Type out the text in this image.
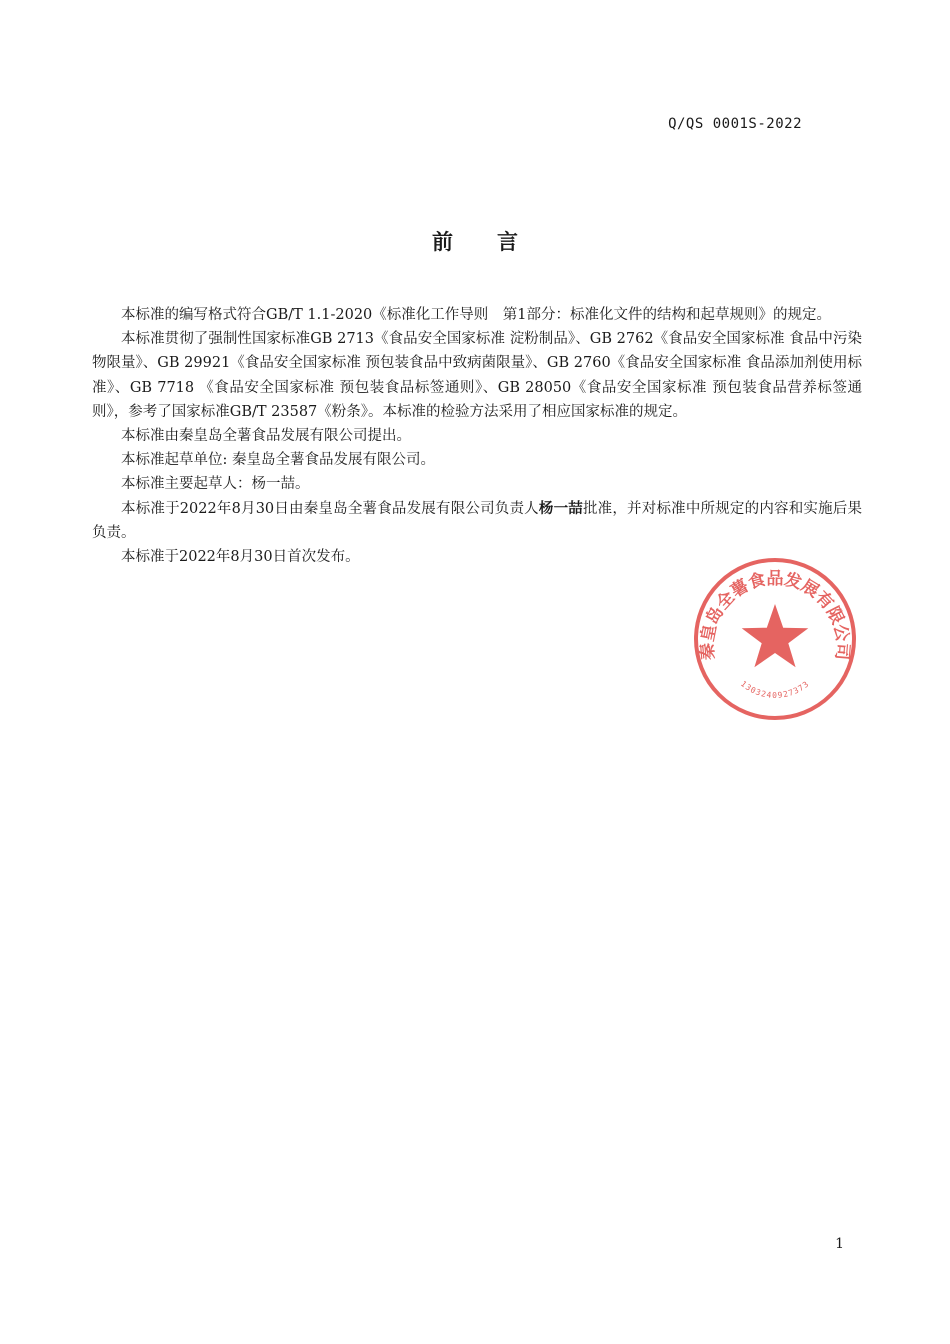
Q/QS 0001S-2022
前言

本标准的编写格式符合GB/T 1.1-2020《标准化工作导则　第1部分：标准化文件的结构和起草规则》的规定。

本标准贯彻了强制性国家标准GB 2713《食品安全国家标准 淀粉制品》、GB 2762《食品安全国家标准 食品中污染物限量》、GB 29921《食品安全国家标准 预包装食品中致病菌限量》、GB 2760《食品安全国家标准 食品添加剂使用标准》、GB 7718 《食品安全国家标准 预包装食品标签通则》、GB 28050《食品安全国家标准 预包装食品营养标签通则》，参考了国家标准GB/T 23587《粉条》。本标准的检验方法采用了相应国家标准的规定。

本标准由秦皇岛全薯食品发展有限公司提出。

本标准起草单位: 秦皇岛全薯食品发展有限公司。

本标准主要起草人：杨一喆。

本标准于2022年8月30日由秦皇岛全薯食品发展有限公司负责人杨一喆批准，并对标准中所规定的内容和实施后果负责。

本标准于2022年8月30日首次发布。

秦皇岛全薯食品发展有限公司
1303240927373
1
